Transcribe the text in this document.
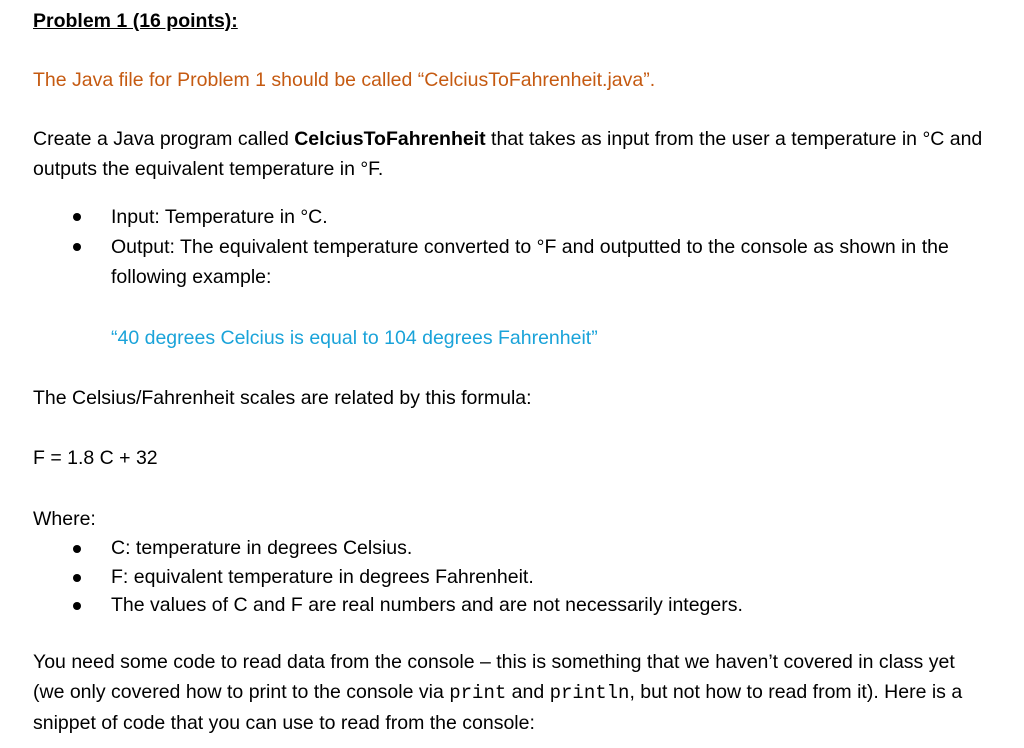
Problem 1 (16 points):
The Java file for Problem 1 should be called “CelciusToFahrenheit.java”.
Create a Java program called CelciusToFahrenheit that takes as input from the user a temperature in °C and outputs the equivalent temperature in °F.
Input: Temperature in °C.
Output: The equivalent temperature converted to °F and outputted to the console as shown in the following example:
“40 degrees Celcius is equal to 104 degrees Fahrenheit”
The Celsius/Fahrenheit scales are related by this formula:
F = 1.8 C + 32
Where:
C: temperature in degrees Celsius.
F: equivalent temperature in degrees Fahrenheit.
The values of C and F are real numbers and are not necessarily integers.
You need some code to read data from the console – this is something that we haven’t covered in class yet (we only covered how to print to the console via print and println, but not how to read from it). Here is a snippet of code that you can use to read from the console:
